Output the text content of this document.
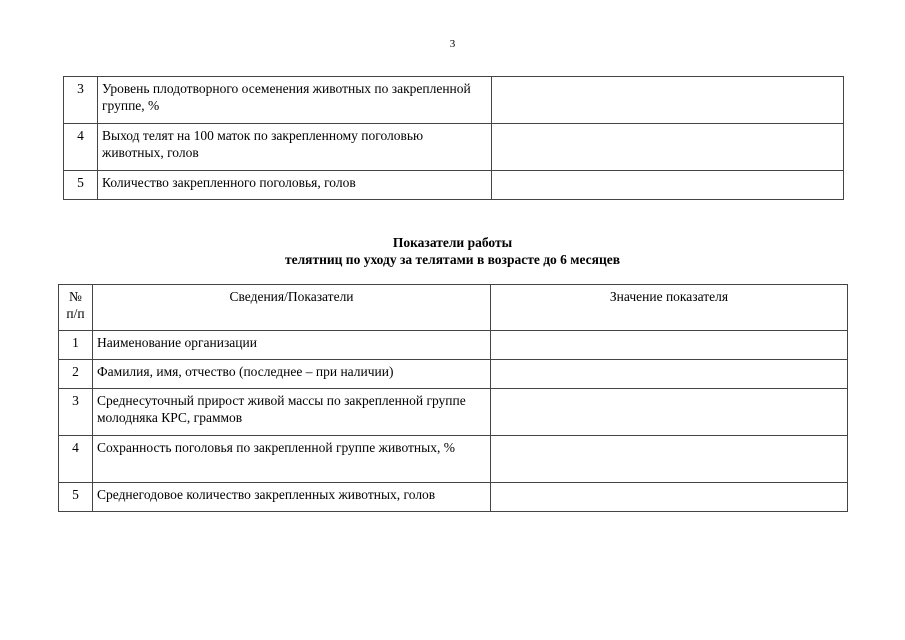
3
3	Уровень плодотворного осеменения животных по закрепленной группе, %	
4	Выход телят на 100 маток по закрепленному поголовью животных, голов	
5	Количество закрепленного поголовья, голов	
Показатели работы
телятниц по уходу за телятами в возрасте до 6 месяцев
№
п/п	Сведения/Показатели	Значение показателя
1	Наименование организации	
2	Фамилия, имя, отчество (последнее – при наличии)	
3	Среднесуточный прирост живой массы по закрепленной группе молодняка КРС, граммов	
4	Сохранность поголовья по закрепленной группе животных, %	
5	Среднегодовое количество закрепленных животных, голов	
